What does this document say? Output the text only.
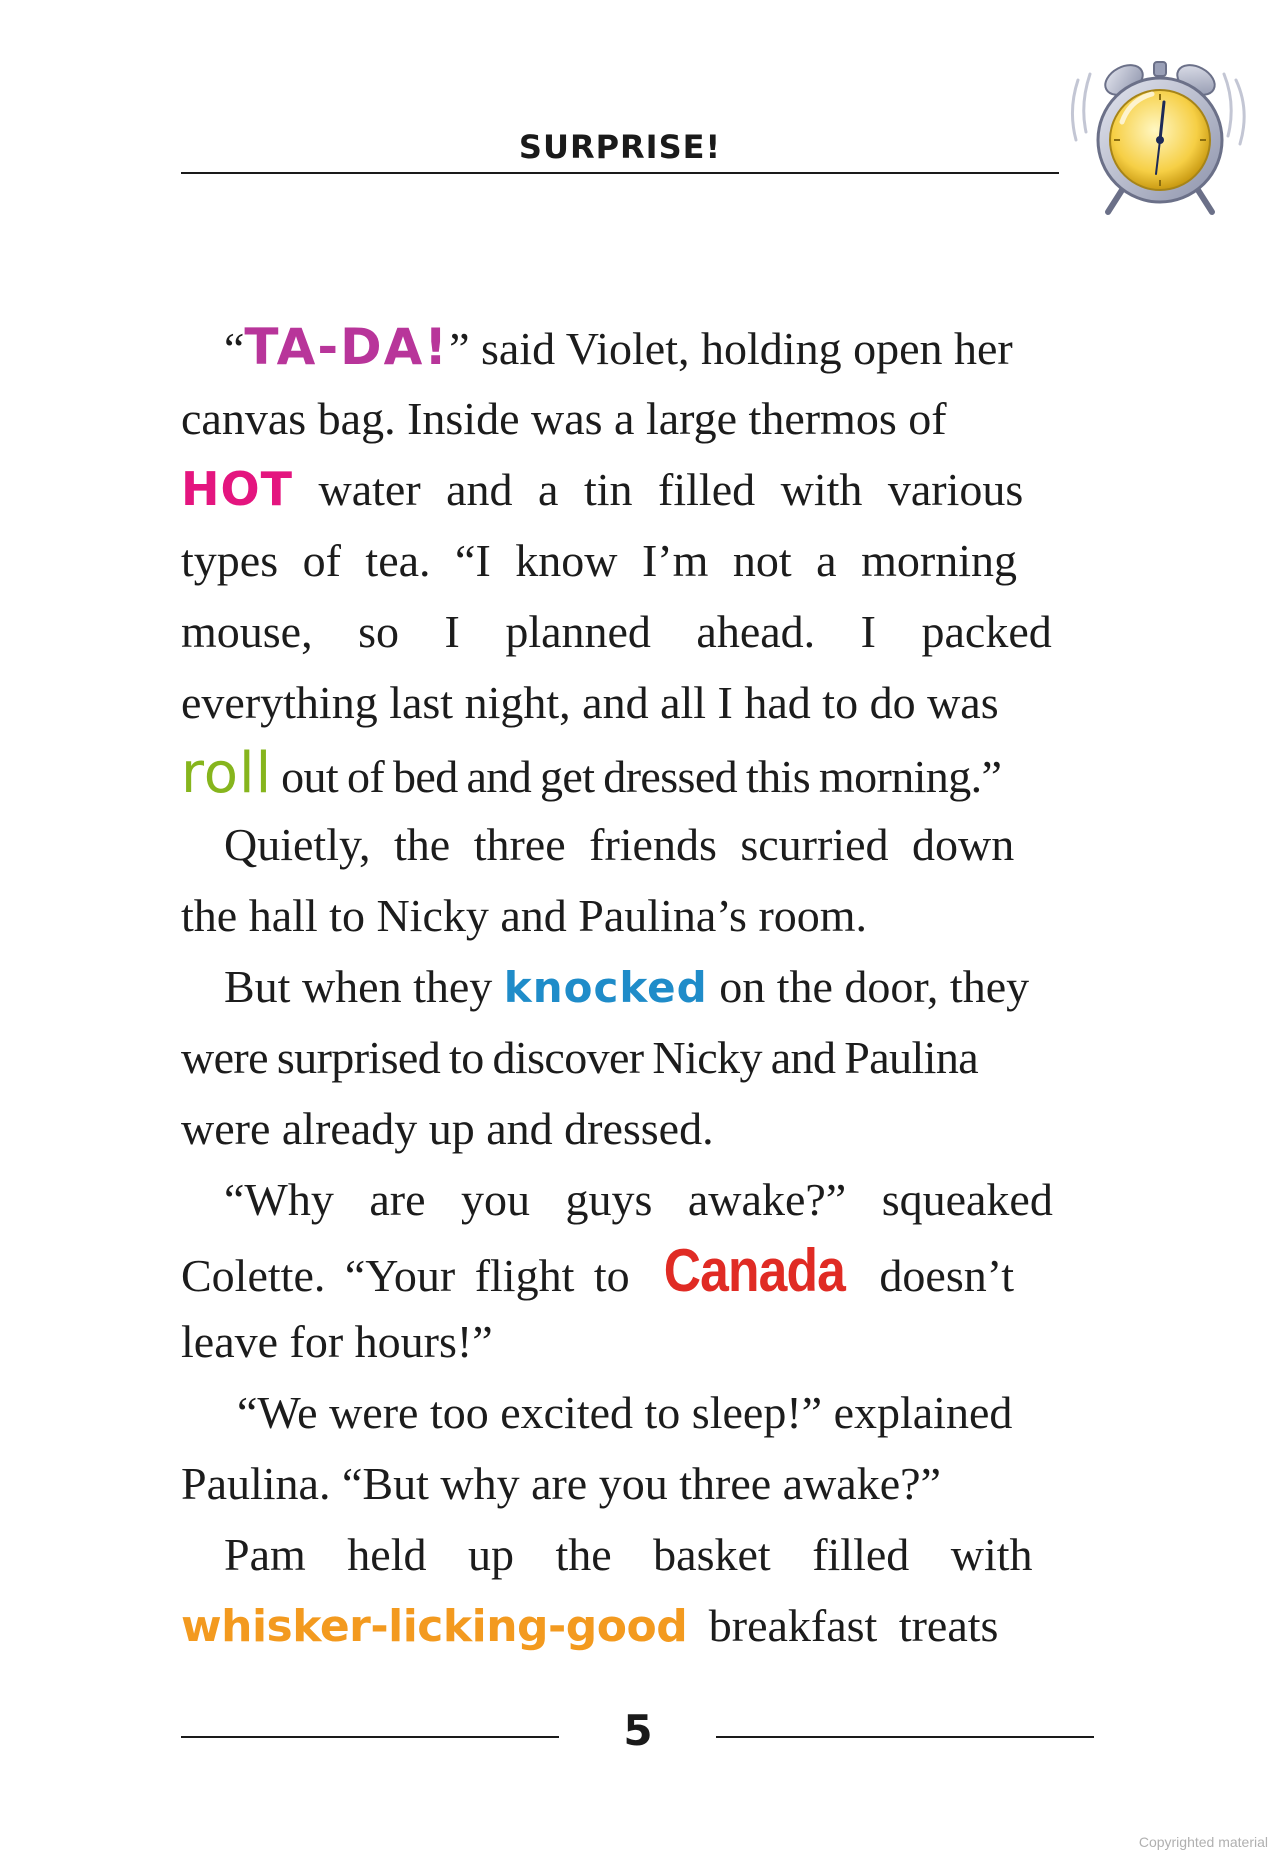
SURPRISE!
“TA-DA!” said Violet, holding open her
canvas bag. Inside was a large thermos of
HOT water and a tin filled with various
types of tea. “I know I’m not a morning
mouse, so I planned ahead. I packed
everything last night, and all I had to do was
roll out of bed and get dressed this morning.”
Quietly, the three friends scurried down
the hall to Nicky and Paulina’s room.
But when they knocked on the door, they
were surprised to discover Nicky and Paulina
were already up and dressed.
“Why are you guys awake?” squeaked
Colette. “Your flight to Canada doesn’t
leave for hours!”
“We were too excited to sleep!” explained
Paulina. “But why are you three awake?”
Pam held up the basket filled with
whisker-licking-good breakfast treats
5
Copyrighted material
